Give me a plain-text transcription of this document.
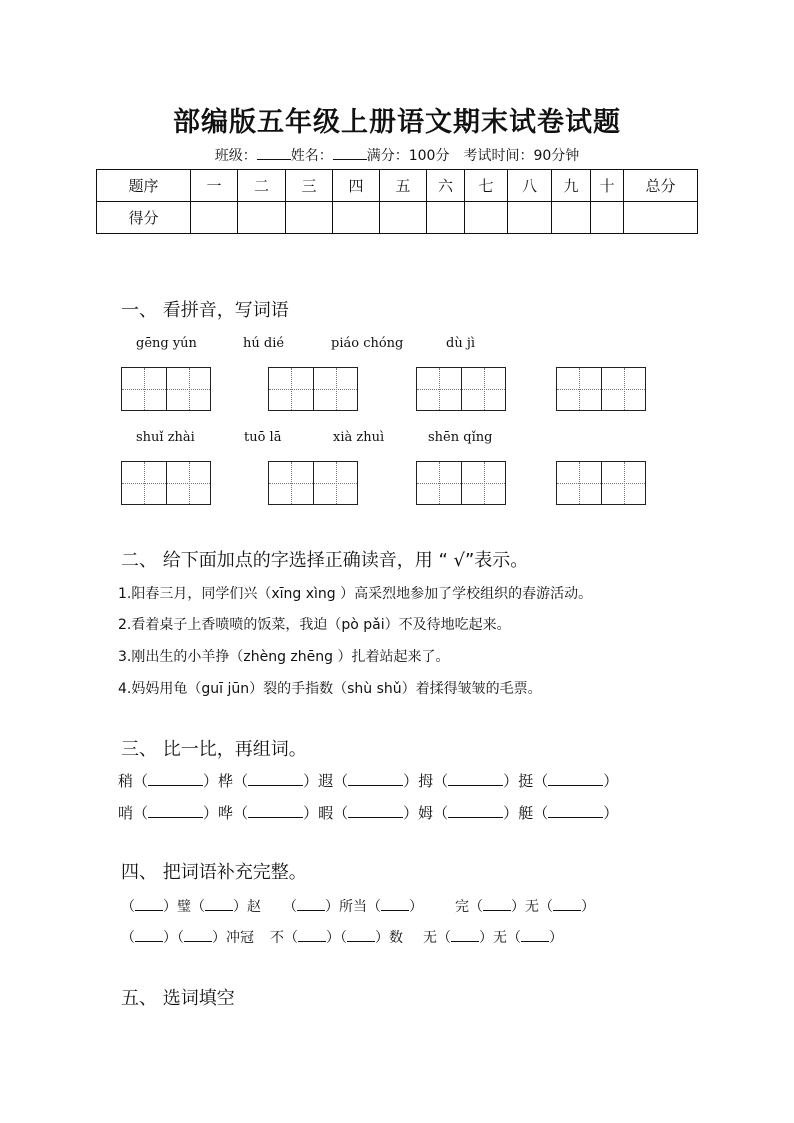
部编版五年级上册语文期末试卷试题
班级： 姓名： 满分：100分 考试时间：90分钟
题序	一	二	三	四	五	六	七	八	九	十	总分
得分											
一、 看拼音，写词语
gēng yún	hú dié	piáo chóng	dù jì
shuǐ zhài	tuō lā	xià zhuì	shēn qǐng
二、 给下面加点的字选择正确读音，用 “ √”表示。
1.阳春三月，同学们兴（xīng xìng ）高采烈地参加了学校组织的春游活动。
2.看着桌子上香喷喷的饭菜，我迫（pò pǎi）不及待地吃起来。
3.刚出生的小羊挣（zhèng zhēng ）扎着站起来了。
4.妈妈用龟（guī jūn）裂的手指数（shù shǔ）着揉得皱皱的毛票。
三、 比一比，再组词。
稍（	）桦（	）遐（	）拇（	）挺（	）
哨（	）哗（	）暇（	）姆（	）艇（	）
四、 把词语补充完整。
（ ）璧（ ）赵 （ ）所当（ ） 完（ ）无（ ）
（ ）（ ）冲冠 不（ ）（ ）数 无（ ）无（ ）
五、 选词填空
